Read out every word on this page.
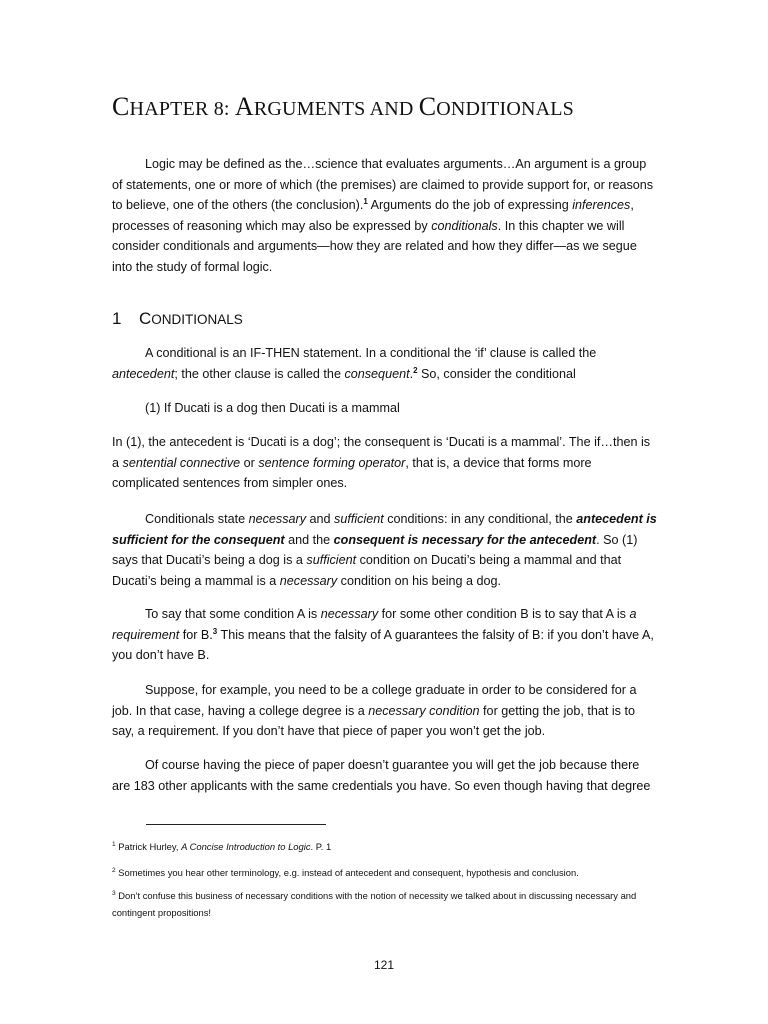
CHAPTER 8: ARGUMENTS AND CONDITIONALS

Logic may be defined as the…science that evaluates arguments…An argument is a group of statements, one or more of which (the premises) are claimed to provide support for, or reasons to believe, one of the others (the conclusion).$^1$ Arguments do the job of expressing inferences, processes of reasoning which may also be expressed by conditionals. In this chapter we will consider conditionals and arguments—how they are related and how they differ—as we segue into the study of formal logic.

1 CONDITIONALS

A conditional is an IF-THEN statement. In a conditional the ‘if’ clause is called the antecedent; the other clause is called the consequent.$^2$ So, consider the conditional

(1) If Ducati is a dog then Ducati is a mammal

In (1), the antecedent is ‘Ducati is a dog’; the consequent is ‘Ducati is a mammal’. The if…then is a sentential connective or sentence forming operator, that is, a device that forms more complicated sentences from simpler ones.

Conditionals state necessary and sufficient conditions: in any conditional, the antecedent is sufficient for the consequent and the consequent is necessary for the antecedent. So (1) says that Ducati’s being a dog is a sufficient condition on Ducati’s being a mammal and that Ducati’s being a mammal is a necessary condition on his being a dog.

To say that some condition A is necessary for some other condition B is to say that A is a requirement for B.$^3$ This means that the falsity of A guarantees the falsity of B: if you don’t have A, you don’t have B.

Suppose, for example, you need to be a college graduate in order to be considered for a job. In that case, having a college degree is a necessary condition for getting the job, that is to say, a requirement. If you don’t have that piece of paper you won’t get the job.

Of course having the piece of paper doesn’t guarantee you will get the job because there are 183 other applicants with the same credentials you have. So even though having that degree

$^1$ Patrick Hurley, A Concise Introduction to Logic. P. 1

$^2$ Sometimes you hear other terminology, e.g. instead of antecedent and consequent, hypothesis and conclusion.

$^3$ Don’t confuse this business of necessary conditions with the notion of necessity we talked about in discussing necessary and contingent propositions!

121
